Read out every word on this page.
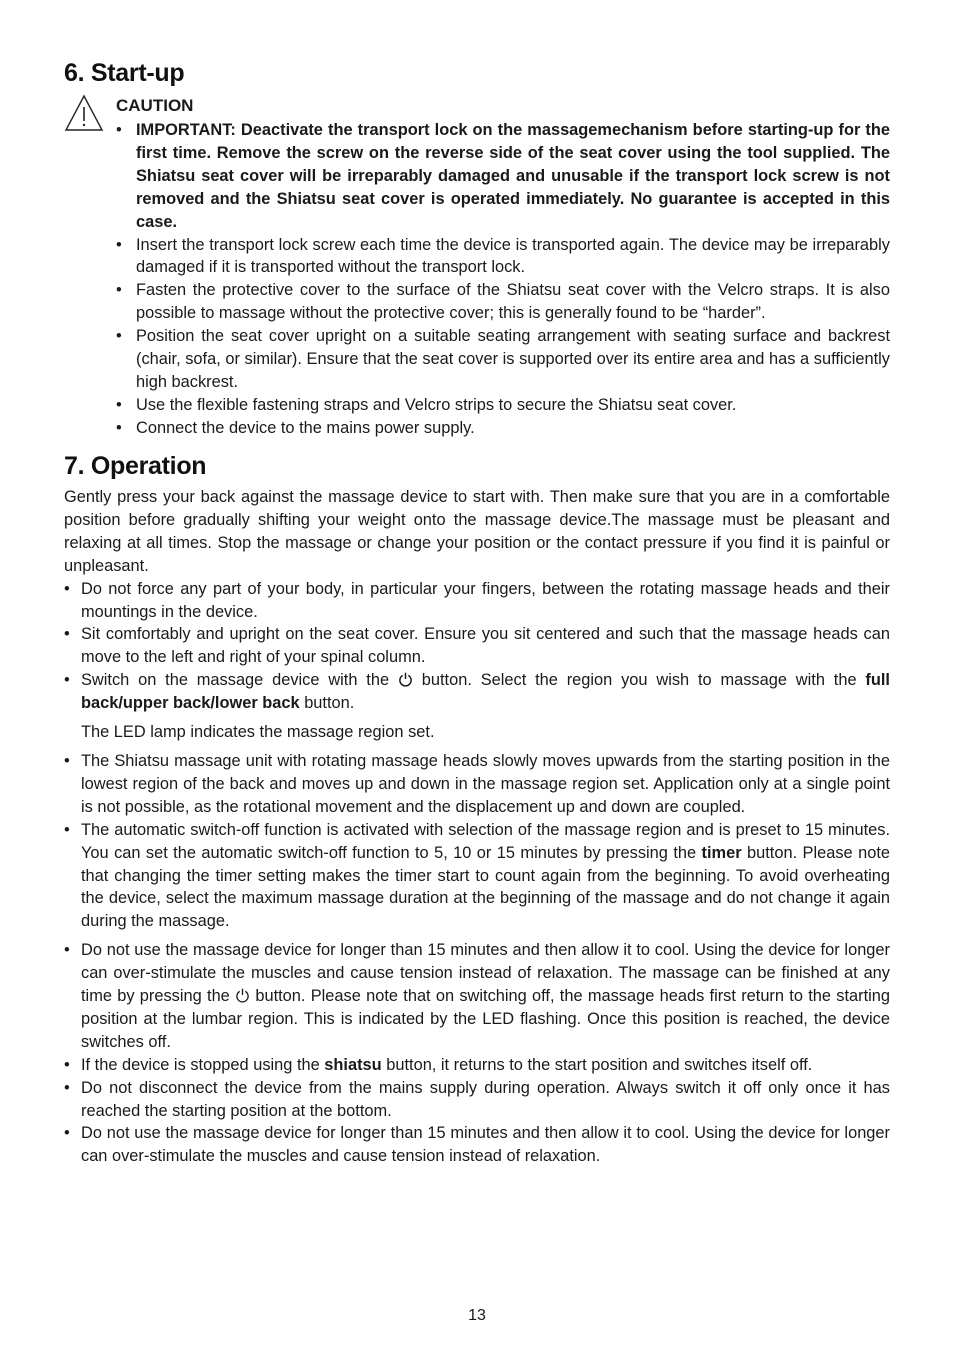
6. Start-up
CAUTION
• IMPORTANT: Deactivate the transport lock on the massagemechanism before starting-up for the first time. Remove the screw on the reverse side of the seat cover using the tool supplied. The Shiatsu seat cover will be irreparably damaged and unusable if the transport lock screw is not removed and the Shiatsu seat cover is operated immediately. No guarantee is accepted in this case.
• Insert the transport lock screw each time the device is transported again. The device may be irreparably damaged if it is transported without the transport lock.
• Fasten the protective cover to the surface of the Shiatsu seat cover with the Velcro straps. It is also possible to massage without the protective cover; this is generally found to be “harder”.
• Position the seat cover upright on a suitable seating arrangement with seating surface and backrest (chair, sofa, or similar). Ensure that the seat cover is supported over its entire area and has a sufficiently high backrest.
• Use the flexible fastening straps and Velcro strips to secure the Shiatsu seat cover.
• Connect the device to the mains power supply.
7. Operation

Gently press your back against the massage device to start with. Then make sure that you are in a comfortable position before gradually shifting your weight onto the massage device.The massage must be pleasant and relaxing at all times. Stop the massage or change your position or the contact pressure if you find it is painful or unpleasant.

• Do not force any part of your body, in particular your fingers, between the rotating massage heads and their mountings in the device.
• Sit comfortably and upright on the seat cover. Ensure you sit centered and such that the massage heads can move to the left and right of your spinal column.
• Switch on the massage device with the  button. Select the region you wish to massage with the full back/upper back/lower back button.

The LED lamp indicates the massage region set.

• The Shiatsu massage unit with rotating massage heads slowly moves upwards from the starting position in the lowest region of the back and moves up and down in the massage region set. Application only at a single point is not possible, as the rotational movement and the displacement up and down are coupled.
• The automatic switch-off function is activated with selection of the massage region and is preset to 15 minutes. You can set the automatic switch-off function to 5, 10 or 15 minutes by pressing the timer button. Please note that changing the timer setting makes the timer start to count again from the beginning. To avoid overheating the device, select the maximum massage duration at the beginning of the massage and do not change it again during the massage.
• Do not use the massage device for longer than 15 minutes and then allow it to cool. Using the device for longer can over-stimulate the muscles and cause tension instead of relaxation. The massage can be finished at any time by pressing the  button. Please note that on switching off, the massage heads first return to the starting position at the lumbar region. This is indicated by the LED flashing. Once this position is reached, the device switches off.
• If the device is stopped using the shiatsu button, it returns to the start position and switches itself off.
• Do not disconnect the device from the mains supply during operation. Always switch it off only once it has reached the starting position at the bottom.
• Do not use the massage device for longer than 15 minutes and then allow it to cool. Using the device for longer can over-stimulate the muscles and cause tension instead of relaxation.
13
